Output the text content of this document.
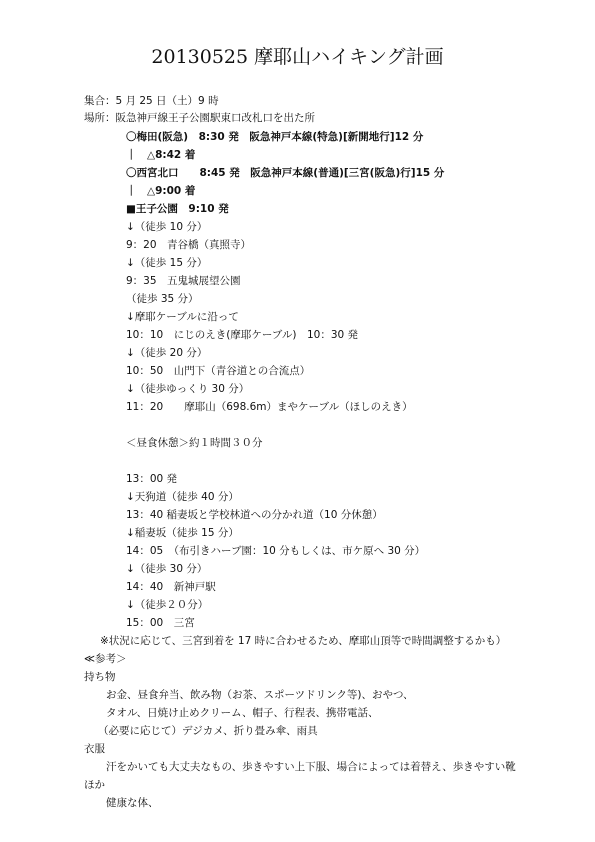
20130525 摩耶山ハイキング計画
集合：5 月 25 日（土）9 時
場所：阪急神戸線王子公園駅東口改札口を出た所
〇梅田(阪急)　8:30 発　阪急神戸本線(特急)[新開地行]12 分
｜　△8:42 着
〇西宮北口　　8:45 発　阪急神戸本線(普通)[三宮(阪急)行]15 分
｜　△9:00 着
■王子公園　9:10 発
↓（徒歩 10 分）
9：20　青谷橋（真照寺）
↓（徒歩 15 分）
9：35　五鬼城展望公園
（徒歩 35 分）
↓摩耶ケーブルに沿って
10：10　にじのえき(摩耶ケーブル)　10：30 発
↓（徒歩 20 分）
10：50　山門下（青谷道との合流点）
↓（徒歩ゆっくり 30 分）
11：20　　摩耶山（698.6m）まやケーブル（ほしのえき）
＜昼食休憩＞約１時間３０分
13：00 発
↓天狗道（徒歩 40 分）
13：40 稲妻坂と学校林道への分かれ道（10 分休憩）
↓稲妻坂（徒歩 15 分）
14：05　（布引きハーブ園：10 分もしくは、市ケ原へ 30 分）
↓（徒歩 30 分）
14：40　新神戸駅
↓（徒歩２０分）
15：00　三宮
※状況に応じて、三宮到着を 17 時に合わせるため、摩耶山頂等で時間調整するかも）
≪参考＞
持ち物
お金、昼食弁当、飲み物（お茶、スポーツドリンク等)、おやつ、
タオル、日焼け止めクリーム、帽子、行程表、携帯電話、
（必要に応じて）デジカメ、折り畳み傘、雨具
衣服
汗をかいても大丈夫なもの、歩きやすい上下服、場合によっては着替え、歩きやすい靴
ほか
健康な体、
